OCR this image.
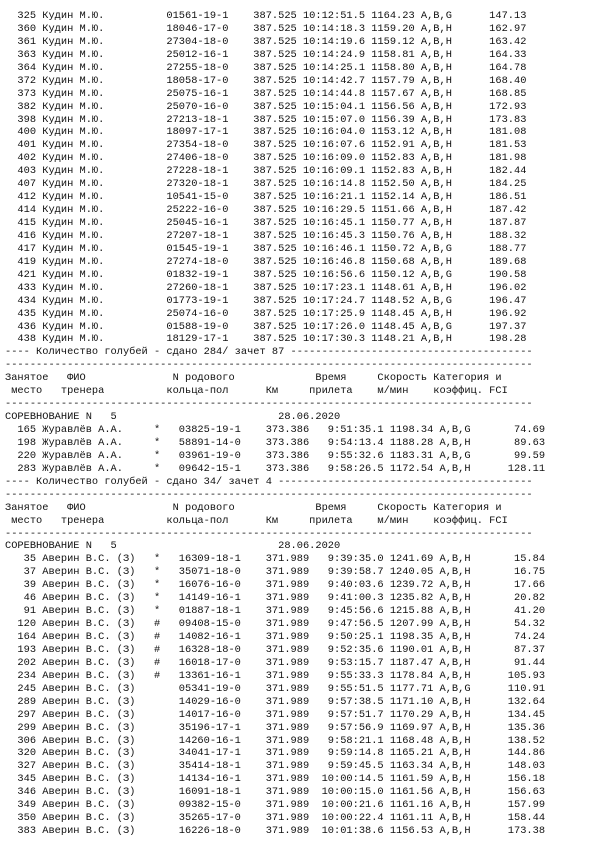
325 Кудин М.Ю.          01561-19-1    387.525 10:12:51.5 1164.23 A,B,G      147.13
360 Кудин М.Ю.          18046-17-0    387.525 10:14:18.3 1159.20 A,B,H      162.97
361 Кудин М.Ю.          27304-18-0    387.525 10:14:19.6 1159.12 A,B,H      163.42
363 Кудин М.Ю.          25012-16-1    387.525 10:14:24.9 1158.81 A,B,H      164.33
364 Кудин М.Ю.          27255-18-0    387.525 10:14:25.1 1158.80 A,B,H      164.78
372 Кудин М.Ю.          18058-17-0    387.525 10:14:42.7 1157.79 A,B,H      168.40
373 Кудин М.Ю.          25075-16-1    387.525 10:14:44.8 1157.67 A,B,H      168.85
382 Кудин М.Ю.          25070-16-0    387.525 10:15:04.1 1156.56 A,B,H      172.93
398 Кудин М.Ю.          27213-18-1    387.525 10:15:07.0 1156.39 A,B,H      173.83
400 Кудин М.Ю.          18097-17-1    387.525 10:16:04.0 1153.12 A,B,H      181.08
401 Кудин М.Ю.          27354-18-0    387.525 10:16:07.6 1152.91 A,B,H      181.53
402 Кудин М.Ю.          27406-18-0    387.525 10:16:09.0 1152.83 A,B,H      181.98
403 Кудин М.Ю.          27228-18-1    387.525 10:16:09.1 1152.83 A,B,H      182.44
407 Кудин М.Ю.          27320-18-1    387.525 10:16:14.8 1152.50 A,B,H      184.25
412 Кудин М.Ю.          10541-15-0    387.525 10:16:21.1 1152.14 A,B,H      186.51
414 Кудин М.Ю.          25222-16-0    387.525 10:16:29.5 1151.66 A,B,H      187.42
415 Кудин М.Ю.          25045-16-1    387.525 10:16:45.1 1150.77 A,B,H      187.87
416 Кудин М.Ю.          27207-18-1    387.525 10:16:45.3 1150.76 A,B,H      188.32
417 Кудин М.Ю.          01545-19-1    387.525 10:16:46.1 1150.72 A,B,G      188.77
419 Кудин М.Ю.          27274-18-0    387.525 10:16:46.8 1150.68 A,B,H      189.68
421 Кудин М.Ю.          01832-19-1    387.525 10:16:56.6 1150.12 A,B,G      190.58
433 Кудин М.Ю.          27260-18-1    387.525 10:17:23.1 1148.61 A,B,H      196.02
434 Кудин М.Ю.          01773-19-1    387.525 10:17:24.7 1148.52 A,B,G      196.47
435 Кудин М.Ю.          25074-16-0    387.525 10:17:25.9 1148.45 A,B,H      196.92
436 Кудин М.Ю.          01588-19-0    387.525 10:17:26.0 1148.45 A,B,G      197.37
438 Кудин М.Ю.          18129-17-1    387.525 10:17:30.3 1148.21 A,B,H      198.28
---- Количество голубей - сдано 284/ зачет 87 ---------------------------------------
-------------------------------------------------------------------------------------
Занятое   ФИО              N родового             Время     Скорость Категория и
место   тренера          кольца-пол      Км     прилета    м/мин    коэффиц. FCI
-------------------------------------------------------------------------------------
СОРЕВНОВАНИЕ N   5                          28.06.2020
165 Журавлёв А.А.     *   03825-19-1    373.386   9:51:35.1 1198.34 A,B,G       74.69
198 Журавлёв А.А.     *   58891-14-0    373.386   9:54:13.4 1188.28 A,B,H       89.63
220 Журавлёв А.А.     *   03961-19-0    373.386   9:55:32.6 1183.31 A,B,G       99.59
283 Журавлёв А.А.     *   09642-15-1    373.386   9:58:26.5 1172.54 A,B,H      128.11
---- Количество голубей - сдано 34/ зачет 4 -----------------------------------------
-------------------------------------------------------------------------------------
Занятое   ФИО              N родового             Время     Скорость Категория и
место   тренера          кольца-пол      Км     прилета    м/мин    коэффиц. FCI
-------------------------------------------------------------------------------------
СОРЕВНОВАНИЕ N   5                          28.06.2020
35 Аверин В.С. (З)   *   16309-18-1    371.989   9:39:35.0 1241.69 A,B,H       15.84
37 Аверин В.С. (З)   *   35071-18-0    371.989   9:39:58.7 1240.05 A,B,H       16.75
39 Аверин В.С. (З)   *   16076-16-0    371.989   9:40:03.6 1239.72 A,B,H       17.66
46 Аверин В.С. (З)   *   14149-16-1    371.989   9:41:00.3 1235.82 A,B,H       20.82
91 Аверин В.С. (З)   *   01887-18-1    371.989   9:45:56.6 1215.88 A,B,H       41.20
120 Аверин В.С. (З)   #   09408-15-0    371.989   9:47:56.5 1207.99 A,B,H       54.32
164 Аверин В.С. (З)   #   14082-16-1    371.989   9:50:25.1 1198.35 A,B,H       74.24
193 Аверин В.С. (З)   #   16328-18-0    371.989   9:52:35.6 1190.01 A,B,H       87.37
202 Аверин В.С. (З)   #   16018-17-0    371.989   9:53:15.7 1187.47 A,B,H       91.44
234 Аверин В.С. (З)   #   13361-16-1    371.989   9:55:33.3 1178.84 A,B,H      105.93
245 Аверин В.С. (З)       05341-19-0    371.989   9:55:51.5 1177.71 A,B,G      110.91
289 Аверин В.С. (З)       14029-16-0    371.989   9:57:38.5 1171.10 A,B,H      132.64
297 Аверин В.С. (З)       14017-16-0    371.989   9:57:51.7 1170.29 A,B,H      134.45
299 Аверин В.С. (З)       35196-17-1    371.989   9:57:56.9 1169.97 A,B,H      135.36
306 Аверин В.С. (З)       14260-16-1    371.989   9:58:21.1 1168.48 A,B,H      138.52
320 Аверин В.С. (З)       34041-17-1    371.989   9:59:14.8 1165.21 A,B,H      144.86
327 Аверин В.С. (З)       35414-18-1    371.989   9:59:45.5 1163.34 A,B,H      148.03
345 Аверин В.С. (З)       14134-16-1    371.989  10:00:14.5 1161.59 A,B,H      156.18
346 Аверин В.С. (З)       16091-18-1    371.989  10:00:15.0 1161.56 A,B,H      156.63
349 Аверин В.С. (З)       09382-15-0    371.989  10:00:21.6 1161.16 A,B,H      157.99
350 Аверин В.С. (З)       35265-17-0    371.989  10:00:22.4 1161.11 A,B,H      158.44
383 Аверин В.С. (З)       16226-18-0    371.989  10:01:38.6 1156.53 A,B,H      173.38
